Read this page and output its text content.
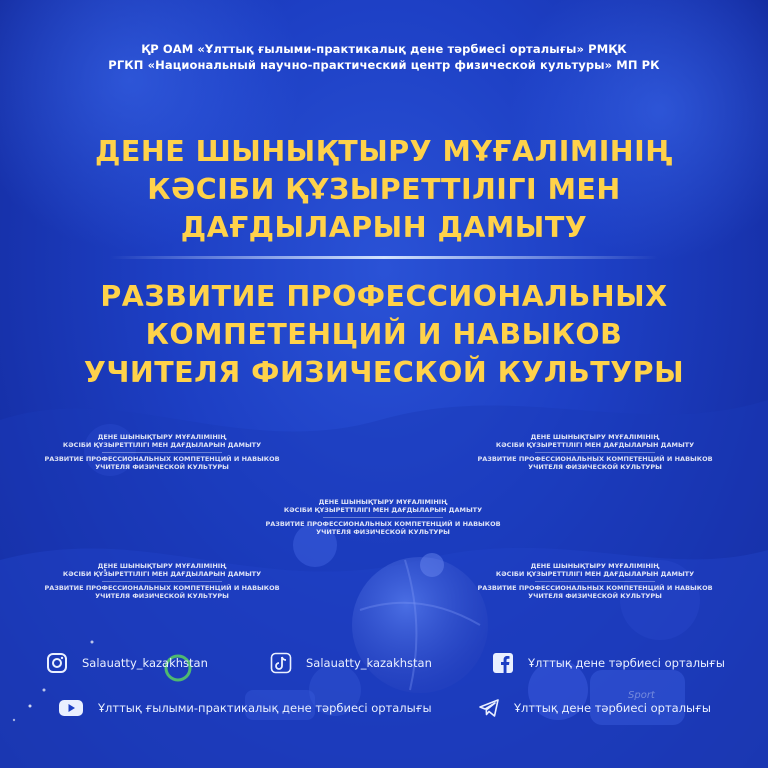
ҚР ОАМ «Ұлттық ғылыми-практикалық дене тәрбиесі орталығы» РМҚК
РГКП «Национальный научно-практический центр физической культуры» МП РК
ДЕНЕ ШЫНЫҚТЫРУ МҰҒАЛІМІНІҢ
КӘСІБИ ҚҰЗЫРЕТТІЛІГІ МЕН
ДАҒДЫЛАРЫН ДАМЫТУ
РАЗВИТИЕ ПРОФЕССИОНАЛЬНЫХ
КОМПЕТЕНЦИЙ И НАВЫКОВ
УЧИТЕЛЯ ФИЗИЧЕСКОЙ КУЛЬТУРЫ
ДЕНЕ ШЫНЫҚТЫРУ МҰҒАЛІМІНІҢ
КӘСІБИ ҚҰЗЫРЕТТІЛІГІ МЕН ДАҒДЫЛАРЫН ДАМЫТУ
РАЗВИТИЕ ПРОФЕССИОНАЛЬНЫХ КОМПЕТЕНЦИЙ И НАВЫКОВ
УЧИТЕЛЯ ФИЗИЧЕСКОЙ КУЛЬТУРЫ
ДЕНЕ ШЫНЫҚТЫРУ МҰҒАЛІМІНІҢ
КӘСІБИ ҚҰЗЫРЕТТІЛІГІ МЕН ДАҒДЫЛАРЫН ДАМЫТУ
РАЗВИТИЕ ПРОФЕССИОНАЛЬНЫХ КОМПЕТЕНЦИЙ И НАВЫКОВ
УЧИТЕЛЯ ФИЗИЧЕСКОЙ КУЛЬТУРЫ
ДЕНЕ ШЫНЫҚТЫРУ МҰҒАЛІМІНІҢ
КӘСІБИ ҚҰЗЫРЕТТІЛІГІ МЕН ДАҒДЫЛАРЫН ДАМЫТУ
РАЗВИТИЕ ПРОФЕССИОНАЛЬНЫХ КОМПЕТЕНЦИЙ И НАВЫКОВ
УЧИТЕЛЯ ФИЗИЧЕСКОЙ КУЛЬТУРЫ
ДЕНЕ ШЫНЫҚТЫРУ МҰҒАЛІМІНІҢ
КӘСІБИ ҚҰЗЫРЕТТІЛІГІ МЕН ДАҒДЫЛАРЫН ДАМЫТУ
РАЗВИТИЕ ПРОФЕССИОНАЛЬНЫХ КОМПЕТЕНЦИЙ И НАВЫКОВ
УЧИТЕЛЯ ФИЗИЧЕСКОЙ КУЛЬТУРЫ
ДЕНЕ ШЫНЫҚТЫРУ МҰҒАЛІМІНІҢ
КӘСІБИ ҚҰЗЫРЕТТІЛІГІ МЕН ДАҒДЫЛАРЫН ДАМЫТУ
РАЗВИТИЕ ПРОФЕССИОНАЛЬНЫХ КОМПЕТЕНЦИЙ И НАВЫКОВ
УЧИТЕЛЯ ФИЗИЧЕСКОЙ КУЛЬТУРЫ
Sport
Salauatty_kazakhstan	Salauatty_kazakhstan	Ұлттық дене тәрбиесі орталығы
Ұлттық ғылыми-практикалық дене тәрбиесі орталығы	Ұлттық дене тәрбиесі орталығы
